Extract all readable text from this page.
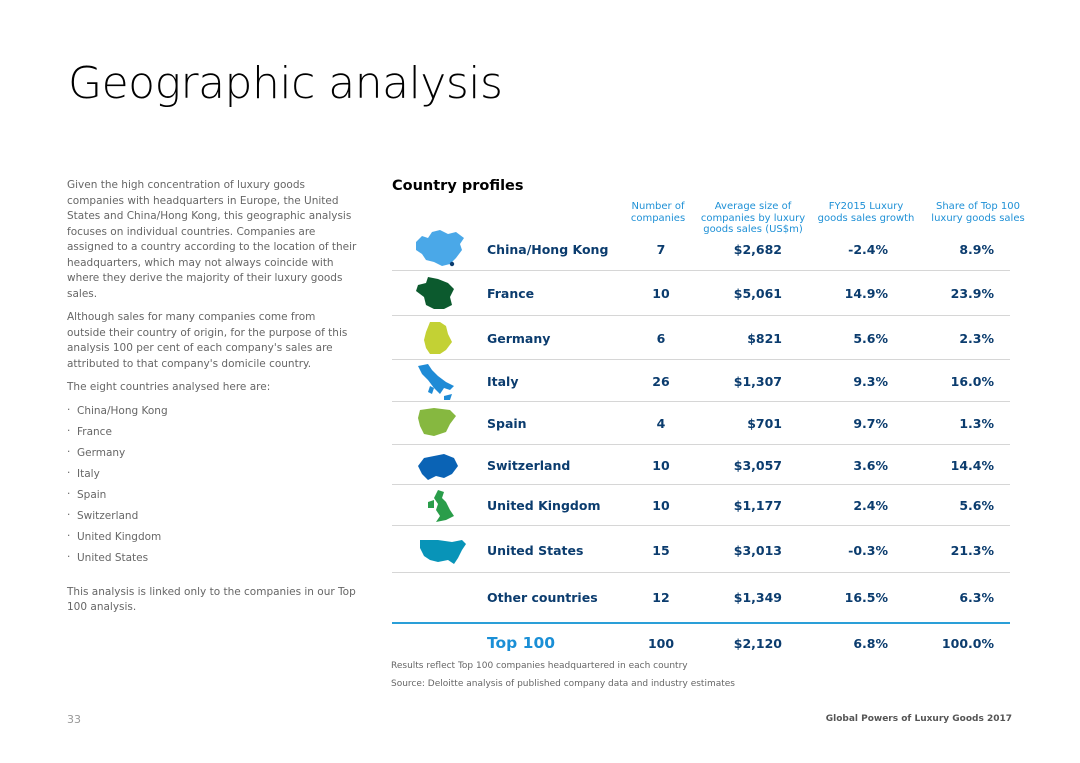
Geographic analysis

Given the high concentration of luxury goods companies with headquarters in Europe, the United States and China/Hong Kong, this geographic analysis focuses on individual countries. Companies are assigned to a country according to the location of their headquarters, which may not always coincide with where they derive the majority of their luxury goods sales.

Although sales for many companies come from outside their country of origin, for the purpose of this analysis 100 per cent of each company's sales are attributed to that company's domicile country.

The eight countries analysed here are:

· China/Hong Kong
· France
· Germany
· Italy
· Spain
· Switzerland
· United Kingdom
· United States

This analysis is linked only to the companies in our Top 100 analysis.

Country profiles
Number of companies
Average size of companies by luxury goods sales (US$m)
FY2015 Luxury goods sales growth
Share of Top 100 luxury goods sales
China/Hong Kong	7	$2,682	-2.4%	8.9%
France	10	$5,061	14.9%	23.9%
Germany	6	$821	5.6%	2.3%
Italy	26	$1,307	9.3%	16.0%
Spain	4	$701	9.7%	1.3%
Switzerland	10	$3,057	3.6%	14.4%
United Kingdom	10	$1,177	2.4%	5.6%
United States	15	$3,013	-0.3%	21.3%
Other countries	12	$1,349	16.5%	6.3%
Top 100	100	$2,120	6.8%	100.0%
Results reflect Top 100 companies headquartered in each country
Source: Deloitte analysis of published company data and industry estimates
33	Global Powers of Luxury Goods 2017
